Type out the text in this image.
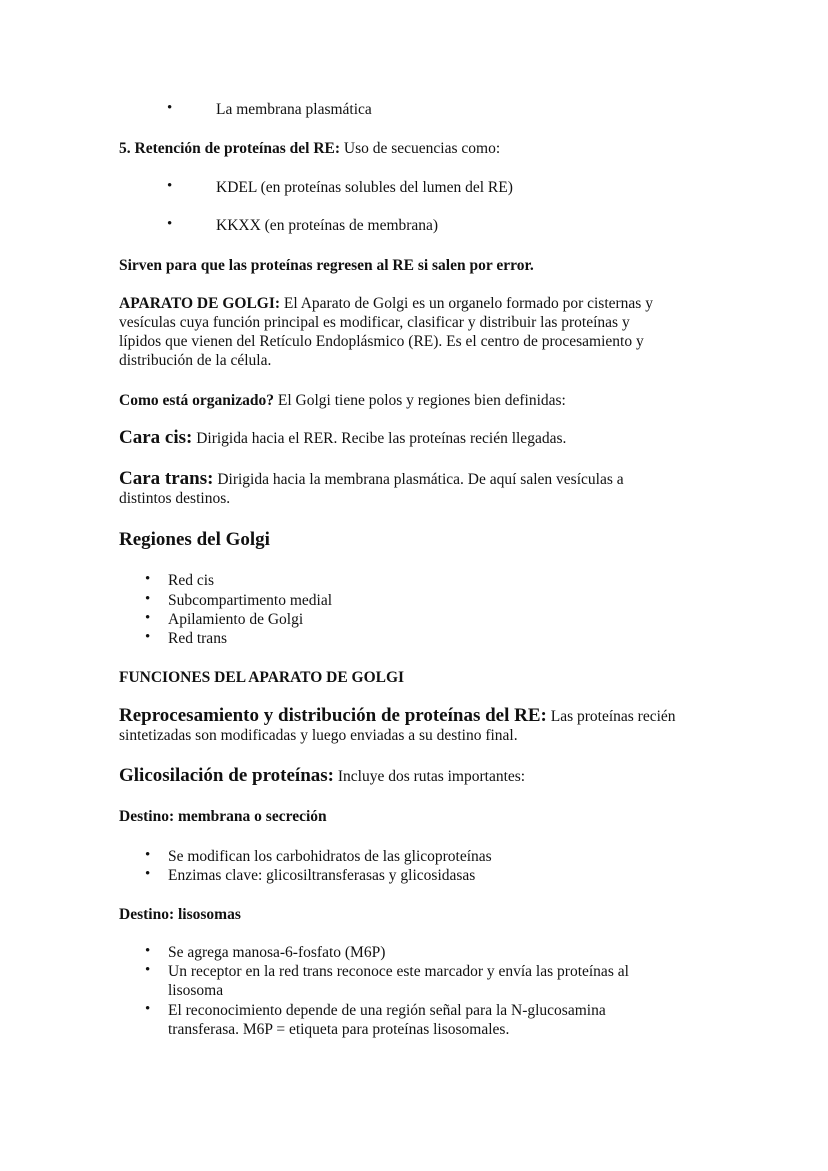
•	La membrana plasmática
5. Retención de proteínas del RE: Uso de secuencias como:
•	KDEL (en proteínas solubles del lumen del RE)
•	KKXX (en proteínas de membrana)
Sirven para que las proteínas regresen al RE si salen por error.
APARATO DE GOLGI: El Aparato de Golgi es un organelo formado por cisternas y
vesículas cuya función principal es modificar, clasificar y distribuir las proteínas y
lípidos que vienen del Retículo Endoplásmico (RE). Es el centro de procesamiento y
distribución de la célula.
Como está organizado? El Golgi tiene polos y regiones bien definidas:
Cara cis: Dirigida hacia el RER. Recibe las proteínas recién llegadas.
Cara trans: Dirigida hacia la membrana plasmática. De aquí salen vesículas a
distintos destinos.
Regiones del Golgi
• Red cis
• Subcompartimento medial
• Apilamiento de Golgi
• Red trans
FUNCIONES DEL APARATO DE GOLGI
Reprocesamiento y distribución de proteínas del RE: Las proteínas recién
sintetizadas son modificadas y luego enviadas a su destino final.
Glicosilación de proteínas: Incluye dos rutas importantes:
Destino: membrana o secreción
• Se modifican los carbohidratos de las glicoproteínas
• Enzimas clave: glicosiltransferasas y glicosidasas
Destino: lisosomas
• Se agrega manosa-6-fosfato (M6P)
• Un receptor en la red trans reconoce este marcador y envía las proteínas al
lisosoma
• El reconocimiento depende de una región señal para la N-glucosamina
transferasa. M6P = etiqueta para proteínas lisosomales.
